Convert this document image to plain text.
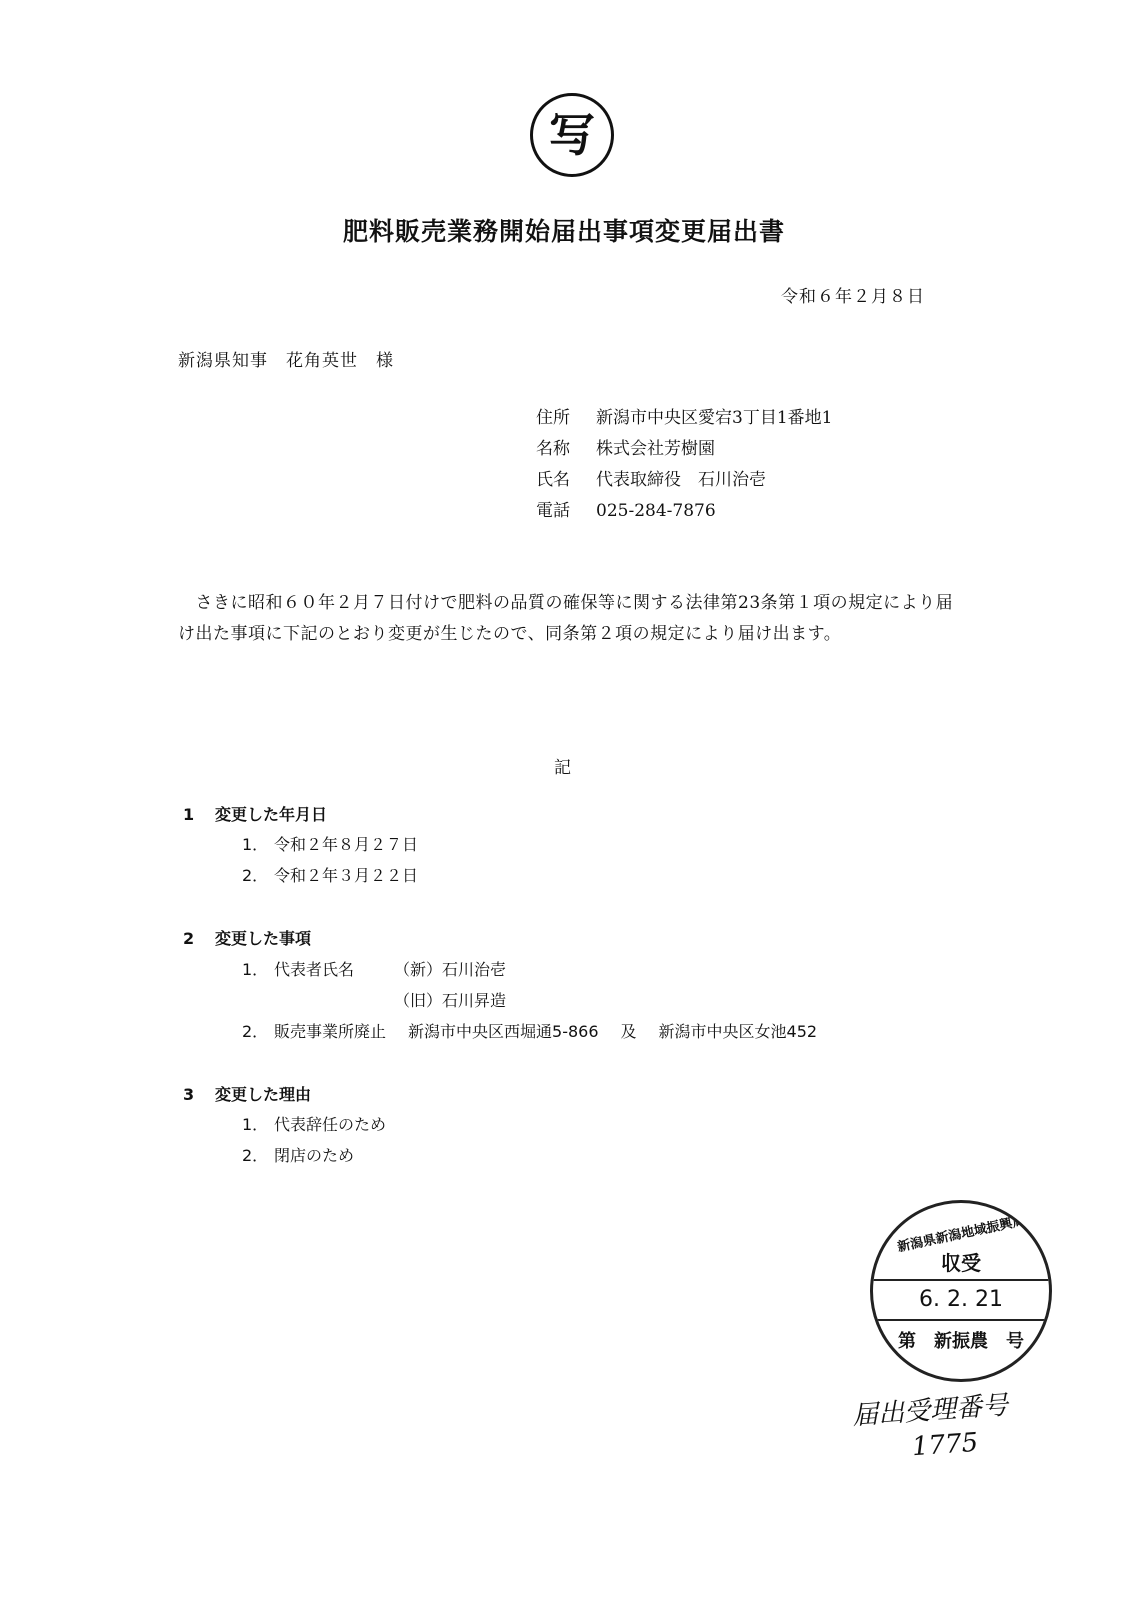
写
肥料販売業務開始届出事項変更届出書
令和６年２月８日
新潟県知事　花角英世　様
住所	新潟市中央区愛宕3丁目1番地1
名称	株式会社芳樹園
氏名	代表取締役　石川治壱
電話	025-284-7876
　さきに昭和６０年２月７日付けで肥料の品質の確保等に関する法律第23条第１項の規定により届け出た事項に下記のとおり変更が生じたので、同条第２項の規定により届け出ます。
記
1 変更した年月日
1． 令和２年８月２７日
2． 令和２年３月２２日
2 変更した事項
1． 代表者氏名 （新）石川治壱
（旧）石川昇造
2． 販売事業所廃止 新潟市中央区西堀通5-866 及 新潟市中央区女池452
3 変更した理由
1． 代表辞任のため
2． 閉店のため
新潟県新潟地域振興局
収受
6. 2. 21
第　新振農　号
届出受理番号
1775
